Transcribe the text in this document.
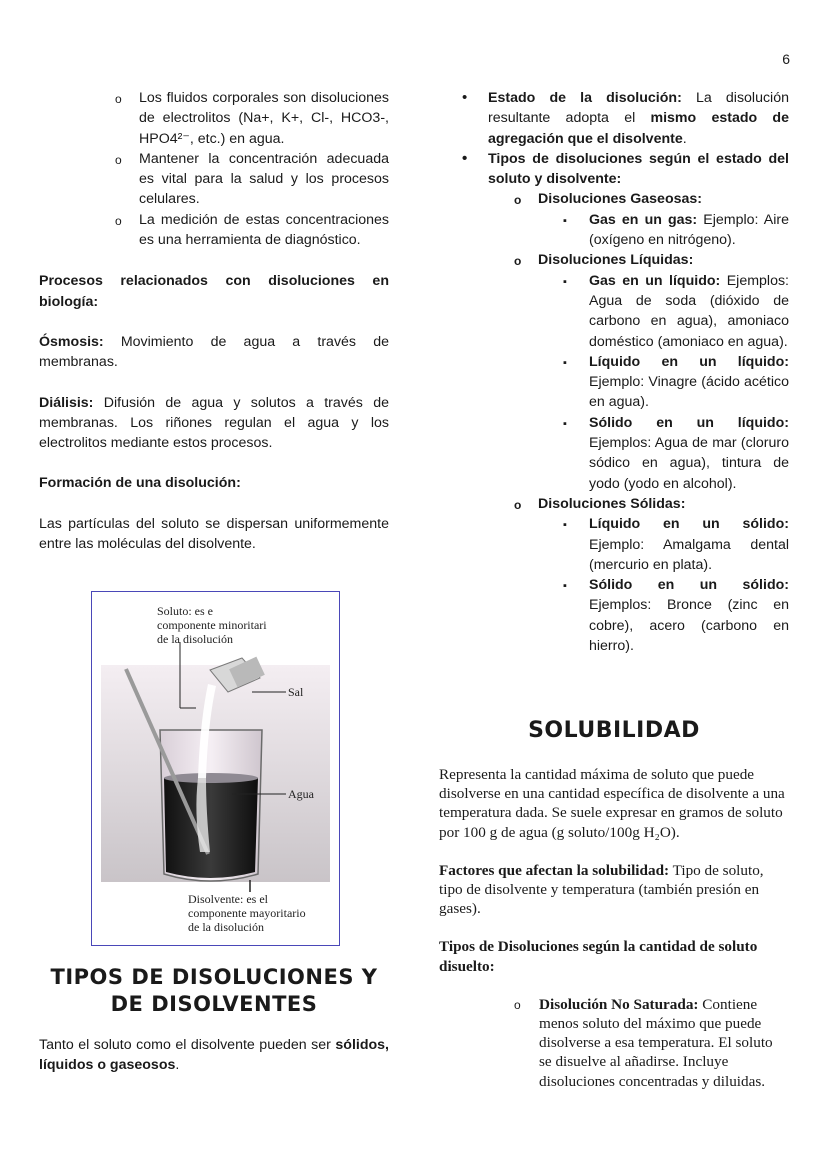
6
o Los fluidos corporales son disoluciones de electrolitos (Na+, K+, Cl-, HCO3-, HPO4²⁻, etc.) en agua.
o Mantener la concentración adecuada es vital para la salud y los procesos celulares.
o La medición de estas concentraciones es una herramienta de diagnóstico.

Procesos relacionados con disoluciones en biología:

Ósmosis: Movimiento de agua a través de membranas.

Diálisis: Difusión de agua y solutos a través de membranas. Los riñones regulan el agua y los electrolitos mediante estos procesos.

Formación de una disolución:

Las partículas del soluto se dispersan uniformemente entre las moléculas del disolvente.

Soluto: es e componente minoritari de la disolución
Sal
Agua
Disolvente: es el componente mayoritario de la disolución
TIPOS DE DISOLUCIONES Y DE DISOLVENTES

Tanto el soluto como el disolvente pueden ser sólidos, líquidos o gaseosos.

• Estado de la disolución: La disolución resultante adopta el mismo estado de agregación que el disolvente.
• Tipos de disoluciones según el estado del soluto y disolvente:
o Disoluciones Gaseosas:
▪ Gas en un gas: Ejemplo: Aire (oxígeno en nitrógeno).
o Disoluciones Líquidas:
▪ Gas en un líquido: Ejemplos: Agua de soda (dióxido de carbono en agua), amoniaco doméstico (amoniaco en agua).
▪ Líquido en un líquido: Ejemplo: Vinagre (ácido acético en agua).
▪ Sólido en un líquido: Ejemplos: Agua de mar (cloruro sódico en agua), tintura de yodo (yodo en alcohol).
o Disoluciones Sólidas:
▪ Líquido en un sólido: Ejemplo: Amalgama dental (mercurio en plata).
▪ Sólido en un sólido: Ejemplos: Bronce (zinc en cobre), acero (carbono en hierro).
SOLUBILIDAD

Representa la cantidad máxima de soluto que puede disolverse en una cantidad específica de disolvente a una temperatura dada. Se suele expresar en gramos de soluto por 100 g de agua (g soluto/100g H₂O).

Factores que afectan la solubilidad: Tipo de soluto, tipo de disolvente y temperatura (también presión en gases).

Tipos de Disoluciones según la cantidad de soluto disuelto:

o Disolución No Saturada: Contiene menos soluto del máximo que puede disolverse a esa temperatura. El soluto se disuelve al añadirse. Incluye disoluciones concentradas y diluidas.
